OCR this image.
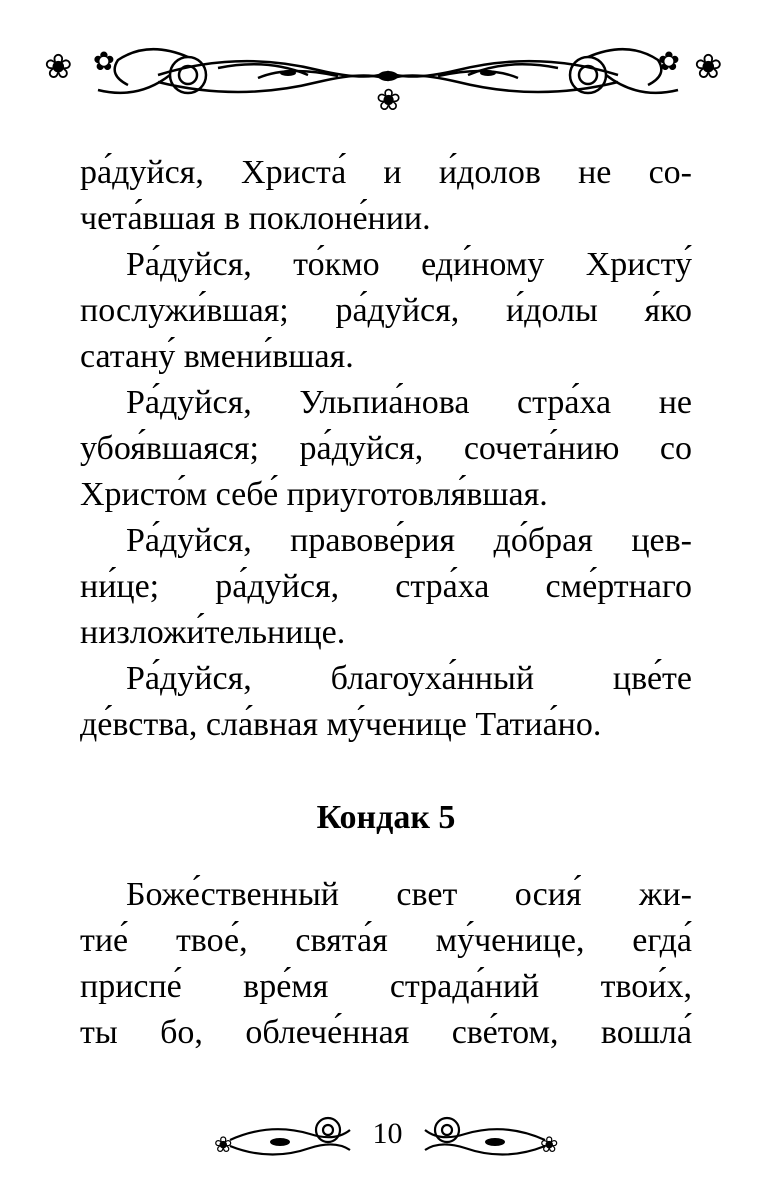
❀	❀
✿	✿
❀
ра́дуйся, Христа́ и и́долов не со-
чета́вшая в поклоне́нии.
Ра́дуйся, то́кмо еди́ному Христу́
послужи́вшая; ра́дуйся, и́долы я́ко
сатану́ вмени́вшая.
Ра́дуйся, Ульпиа́нова стра́ха не
убоя́вшаяся; ра́дуйся, сочета́нию со
Христо́м себе́ приуготовля́вшая.
Ра́дуйся, правове́рия до́брая цев-
ни́це; ра́дуйся, стра́ха сме́ртнаго
низложи́тельнице.
Ра́дуйся, благоуха́нный цве́те
де́вства, сла́вная му́ченице Татиа́но.
Кондак 5
Боже́ственный свет осия́ жи-
тие́ твое́, свята́я му́ченице, егда́
приспе́ вре́мя страда́ний твои́х,
ты бо, облече́нная све́том, вошла́
❀	❀
10
